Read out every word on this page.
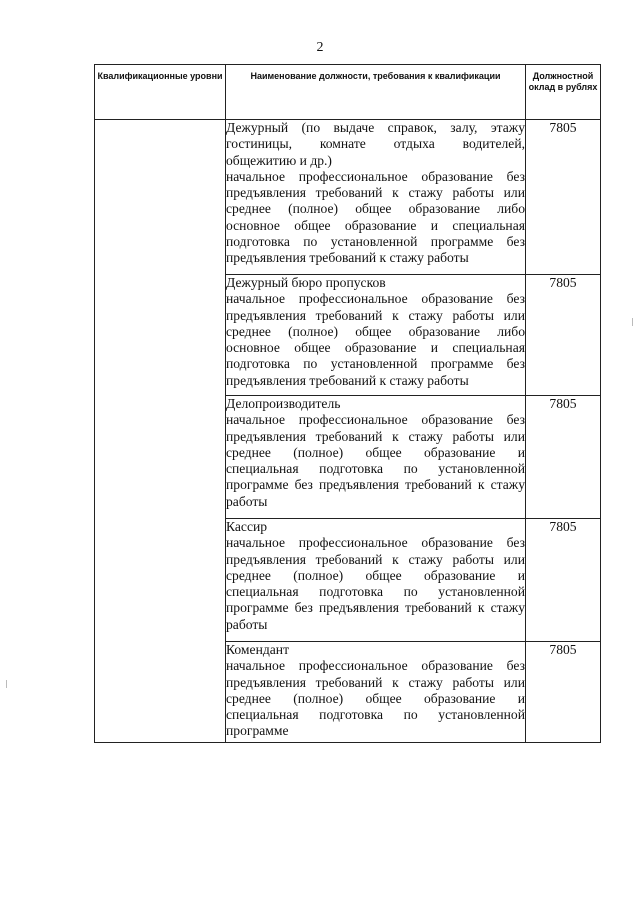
2
Квалификационные уровни	Наименование должности, требования к квалификации	Должностной оклад в рублях

	Дежурный (по выдаче справок, залу, этажу гостиницы, комнате отдыха водителей, общежитию и др.)
начальное профессиональное образование без предъявления требований к стажу работы или среднее (полное) общее образование либо основное общее образование и специальная подготовка по установленной программе без предъявления требований к стажу работы	7805

	Дежурный бюро пропусков
начальное профессиональное образование без предъявления требований к стажу работы или среднее (полное) общее образование либо основное общее образование и специальная подготовка по установленной программе без предъявления требований к стажу работы	7805

	Делопроизводитель
начальное профессиональное образование без предъявления требований к стажу работы или среднее (полное) общее образование и специальная подготовка по установленной программе без предъявления требований к стажу работы	7805

	Кассир
начальное профессиональное образование без предъявления требований к стажу работы или среднее (полное) общее образование и специальная подготовка по установленной программе без предъявления требований к стажу работы	7805

	Комендант
начальное профессиональное образование без предъявления требований к стажу работы или среднее (полное) общее образование и специальная подготовка по установленной программе	7805
